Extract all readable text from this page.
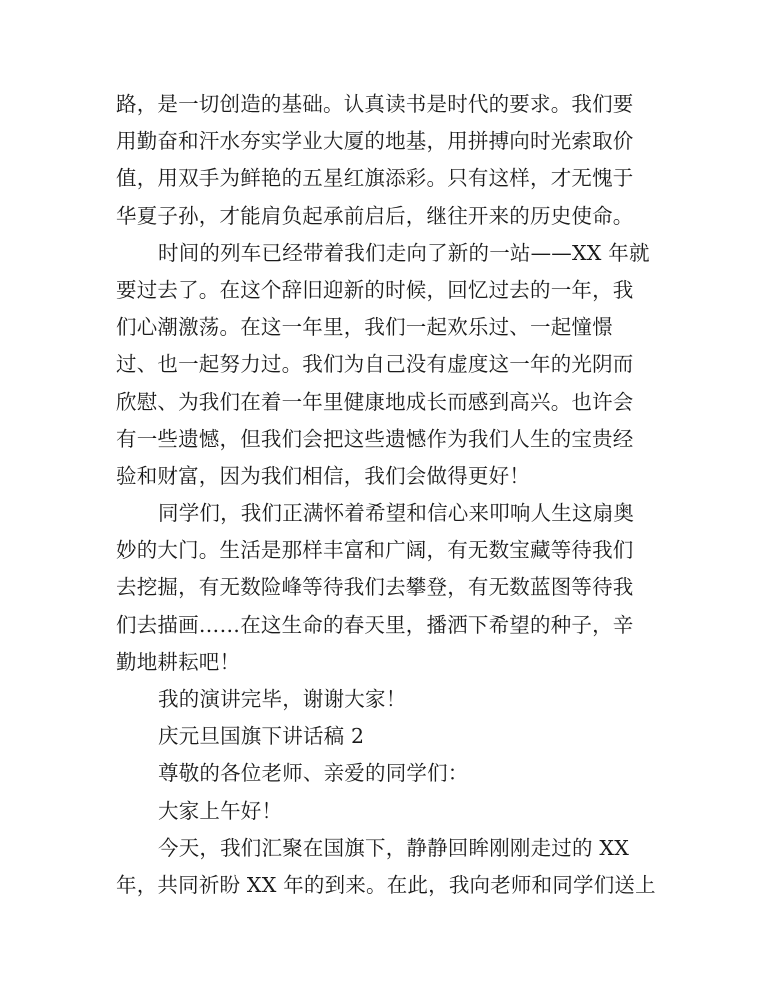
路，是一切创造的基础。认真读书是时代的要求。我们要
用勤奋和汗水夯实学业大厦的地基，用拼搏向时光索取价
值，用双手为鲜艳的五星红旗添彩。只有这样，才无愧于
华夏子孙，才能肩负起承前启后，继往开来的历史使命。
时间的列车已经带着我们走向了新的一站——XX 年就
要过去了。在这个辞旧迎新的时候，回忆过去的一年，我
们心潮激荡。在这一年里，我们一起欢乐过、一起憧憬
过、也一起努力过。我们为自己没有虚度这一年的光阴而
欣慰、为我们在着一年里健康地成长而感到高兴。也许会
有一些遗憾，但我们会把这些遗憾作为我们人生的宝贵经
验和财富，因为我们相信，我们会做得更好！
同学们，我们正满怀着希望和信心来叩响人生这扇奥
妙的大门。生活是那样丰富和广阔，有无数宝藏等待我们
去挖掘，有无数险峰等待我们去攀登，有无数蓝图等待我
们去描画……在这生命的春天里，播洒下希望的种子，辛
勤地耕耘吧！
我的演讲完毕，谢谢大家！
庆元旦国旗下讲话稿 2
尊敬的各位老师、亲爱的同学们：
大家上午好！
今天，我们汇聚在国旗下，静静回眸刚刚走过的 XX
年，共同祈盼 XX 年的到来。在此，我向老师和同学们送上
